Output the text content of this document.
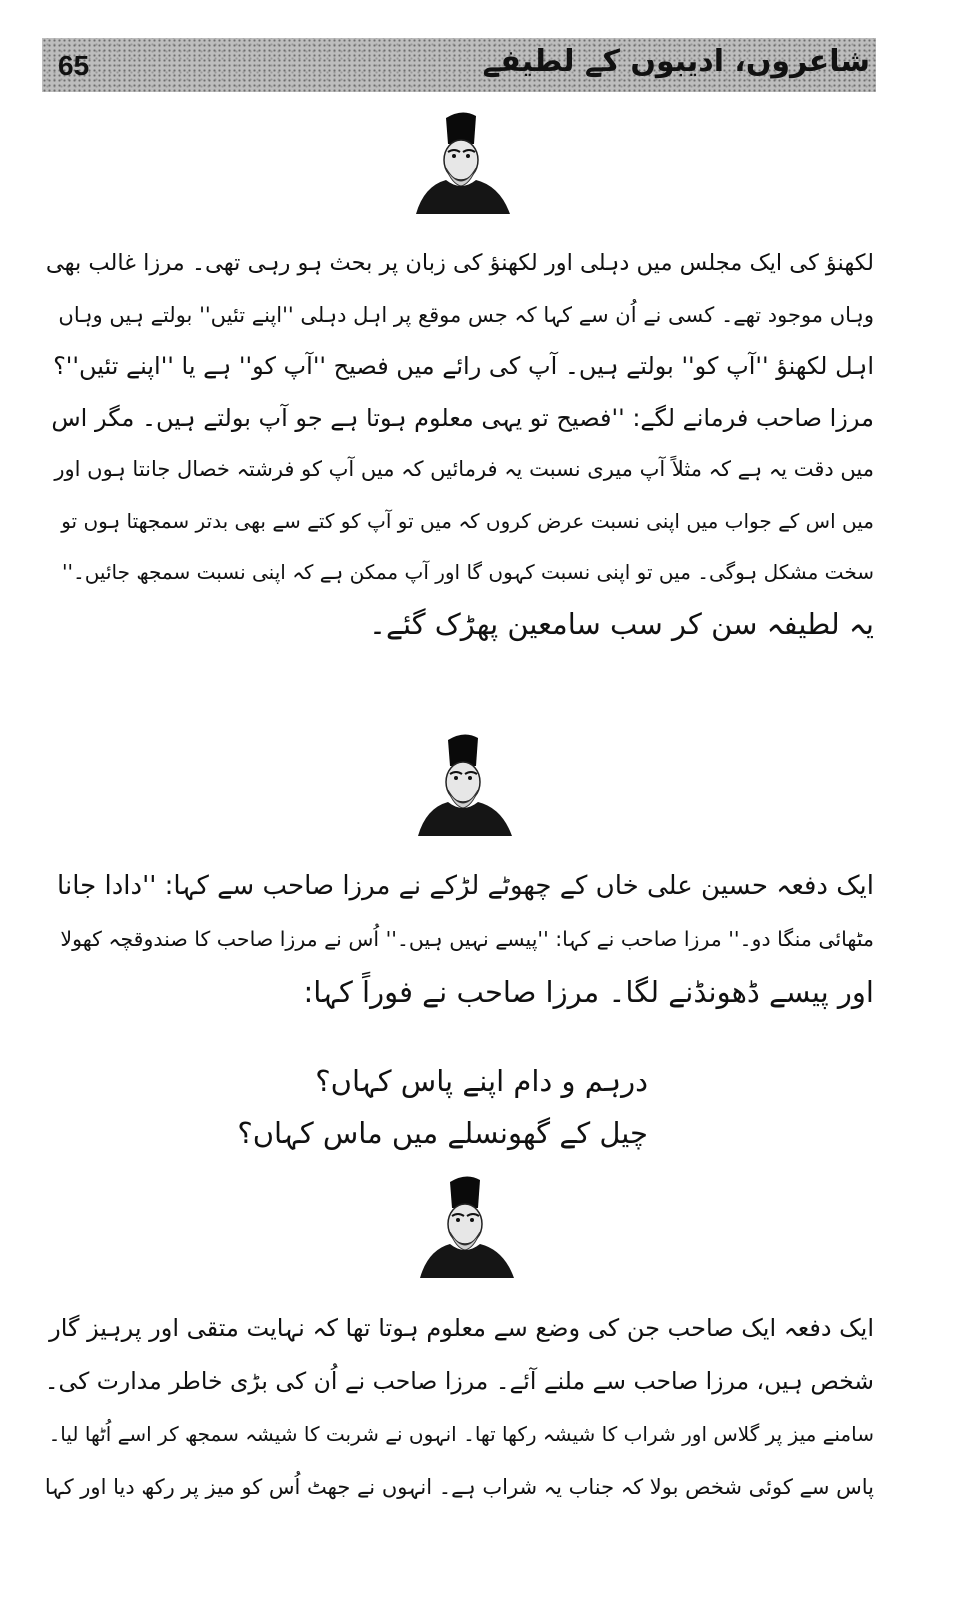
65	شاعروں، ادیبوں کے لطیفے
لکھنؤ کی ایک مجلس میں دہلی اور لکھنؤ کی زبان پر بحث ہو رہی تھی۔ مرزا غالب بھی
وہاں موجود تھے۔ کسی نے اُن سے کہا کہ جس موقع پر اہل دہلی ''اپنے تئیں'' بولتے ہیں وہاں
اہل لکھنؤ ''آپ کو'' بولتے ہیں۔ آپ کی رائے میں فصیح ''آپ کو'' ہے یا ''اپنے تئیں''؟
مرزا صاحب فرمانے لگے: ''فصیح تو یہی معلوم ہوتا ہے جو آپ بولتے ہیں۔ مگر اس
میں دقت یہ ہے کہ مثلاً آپ میری نسبت یہ فرمائیں کہ میں آپ کو فرشتہ خصال جانتا ہوں اور
میں اس کے جواب میں اپنی نسبت عرض کروں کہ میں تو آپ کو کتے سے بھی بدتر سمجھتا ہوں تو
سخت مشکل ہوگی۔ میں تو اپنی نسبت کہوں گا اور آپ ممکن ہے کہ اپنی نسبت سمجھ جائیں۔''
یہ لطیفہ سن کر سب سامعین پھڑک گئے۔
ایک دفعہ حسین علی خاں کے چھوٹے لڑکے نے مرزا صاحب سے کہا: ''دادا جانا
مٹھائی منگا دو۔'' مرزا صاحب نے کہا: ''پیسے نہیں ہیں۔'' اُس نے مرزا صاحب کا صندوقچہ کھولا
اور پیسے ڈھونڈنے لگا۔ مرزا صاحب نے فوراً کہا:
درہم و دام اپنے پاس کہاں؟
چیل کے گھونسلے میں ماس کہاں؟
ایک دفعہ ایک صاحب جن کی وضع سے معلوم ہوتا تھا کہ نہایت متقی اور پرہیز گار
شخص ہیں، مرزا صاحب سے ملنے آئے۔ مرزا صاحب نے اُن کی بڑی خاطر مدارت کی۔
سامنے میز پر گلاس اور شراب کا شیشہ رکھا تھا۔ انہوں نے شربت کا شیشہ سمجھ کر اسے اُٹھا لیا۔
پاس سے کوئی شخص بولا کہ جناب یہ شراب ہے۔ انہوں نے جھٹ اُس کو میز پر رکھ دیا اور کہا
